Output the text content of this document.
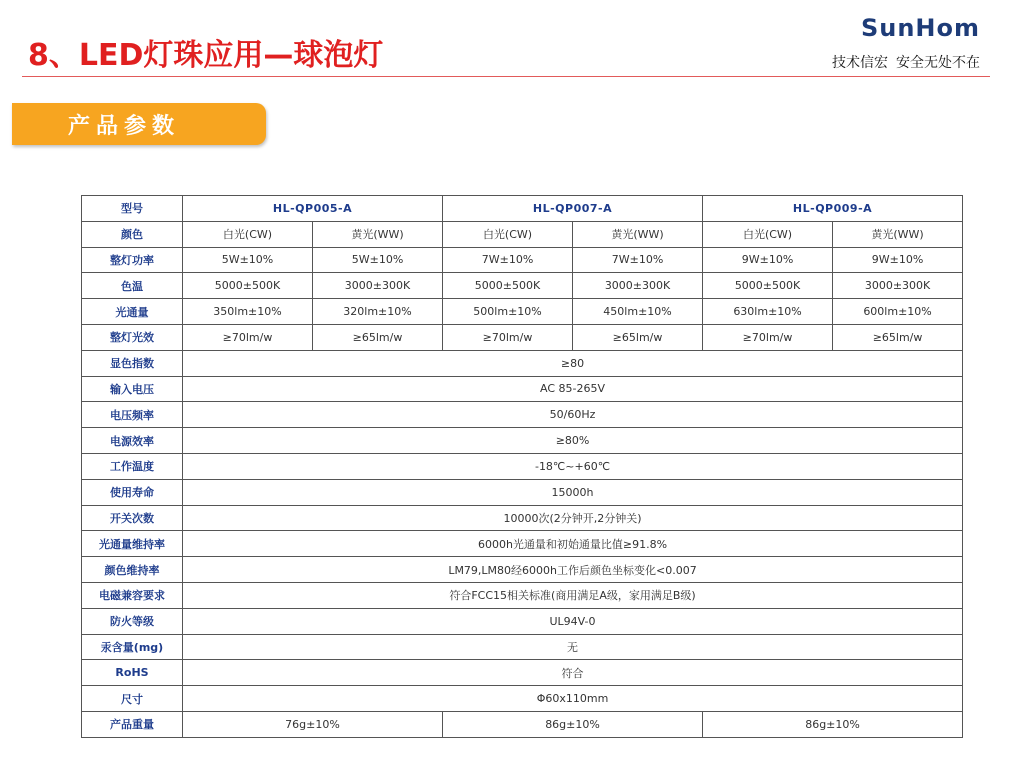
8、LED灯珠应用—球泡灯
SunHom
技术信宏 安全无处不在
产品参数
型号	HL-QP005-A		HL-QP007-A		HL-QP009-A	
颜色	白光(CW)	黄光(WW)	白光(CW)	黄光(WW)	白光(CW)	黄光(WW)
整灯功率	5W±10%	5W±10%	7W±10%	7W±10%	9W±10%	9W±10%
色温	5000±500K	3000±300K	5000±500K	3000±300K	5000±500K	3000±300K
光通量	350lm±10%	320lm±10%	500lm±10%	450lm±10%	630lm±10%	600lm±10%
整灯光效	≥70lm/w	≥65lm/w	≥70lm/w	≥65lm/w	≥70lm/w	≥65lm/w
显色指数	≥80					
输入电压	AC 85-265V					
电压频率	50/60Hz					
电源效率	≥80%					
工作温度	-18℃~+60℃					
使用寿命	15000h					
开关次数	10000次(2分钟开,2分钟关)					
光通量维持率	6000h光通量和初始通量比值≥91.8%					
颜色维持率	LM79,LM80经6000h工作后颜色坐标变化<0.007					
电磁兼容要求	符合FCC15相关标准(商用满足A级，家用满足B级)					
防火等级	UL94V-0					
汞含量(mg)	无					
RoHS	符合					
尺寸	Φ60x110mm					
产品重量	76g±10%		86g±10%		86g±10%	
